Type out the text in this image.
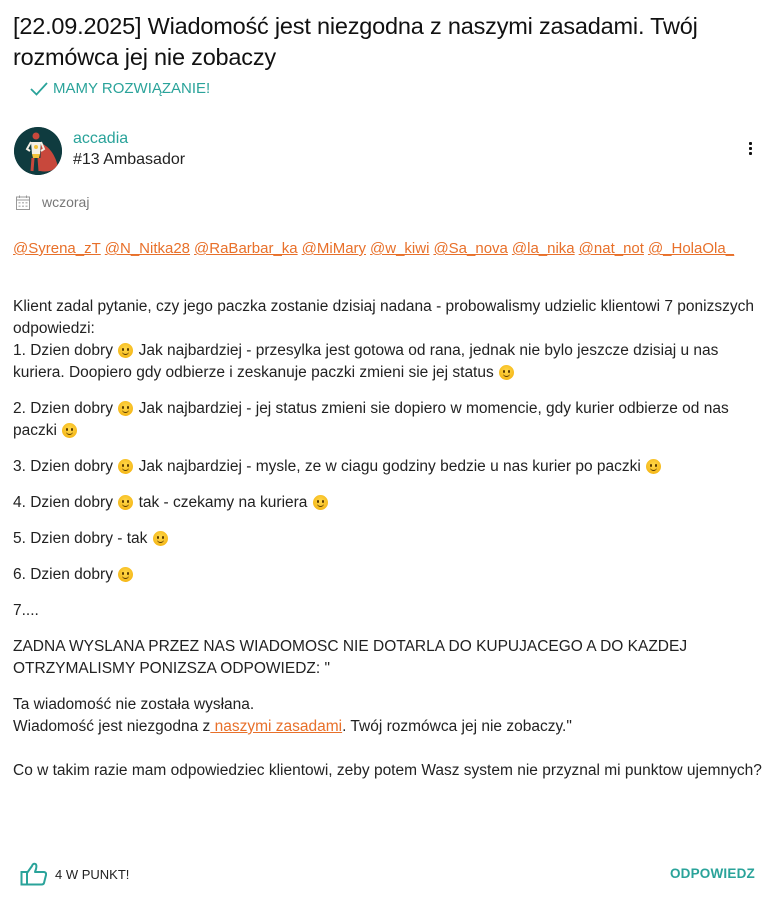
[22.09.2025] Wiadomość jest niezgodna z naszymi zasadami. Twój rozmówca jej nie zobaczy
MAMY ROZWIĄZANIE!
accadia
#13 Ambasador
wczoraj
@Syrena_zT @N_Nitka28 @RaBarbar_ka @MiMary @w_kiwi @Sa_nova @la_nika @nat_not @_HolaOla_

Klient zadal pytanie, czy jego paczka zostanie dzisiaj nadana - probowalismy udzielic klientowi 7 ponizszych odpowiedzi:

1. Dzien dobry Jak najbardziej - przesylka jest gotowa od rana, jednak nie bylo jeszcze dzisiaj u nas kuriera. Doopiero gdy odbierze i zeskanuje paczki zmieni sie jej status

2. Dzien dobry Jak najbardziej - jej status zmieni sie dopiero w momencie, gdy kurier odbierze od nas paczki

3. Dzien dobry Jak najbardziej - mysle, ze w ciagu godziny bedzie u nas kurier po paczki

4. Dzien dobry tak - czekamy na kuriera

5. Dzien dobry - tak

6. Dzien dobry

7....

ZADNA WYSLANA PRZEZ NAS WIADOMOSC NIE DOTARLA DO KUPUJACEGO A DO KAZDEJ OTRZYMALISMY PONIZSZA ODPOWIEDZ: "

Ta wiadomość nie została wysłana.

Wiadomość jest niezgodna z naszymi zasadami. Twój rozmówca jej nie zobaczy."

Co w takim razie mam odpowiedziec klientowi, zeby potem Wasz system nie przyznal mi punktow ujemnych?

4 W PUNKT!	ODPOWIEDZ
